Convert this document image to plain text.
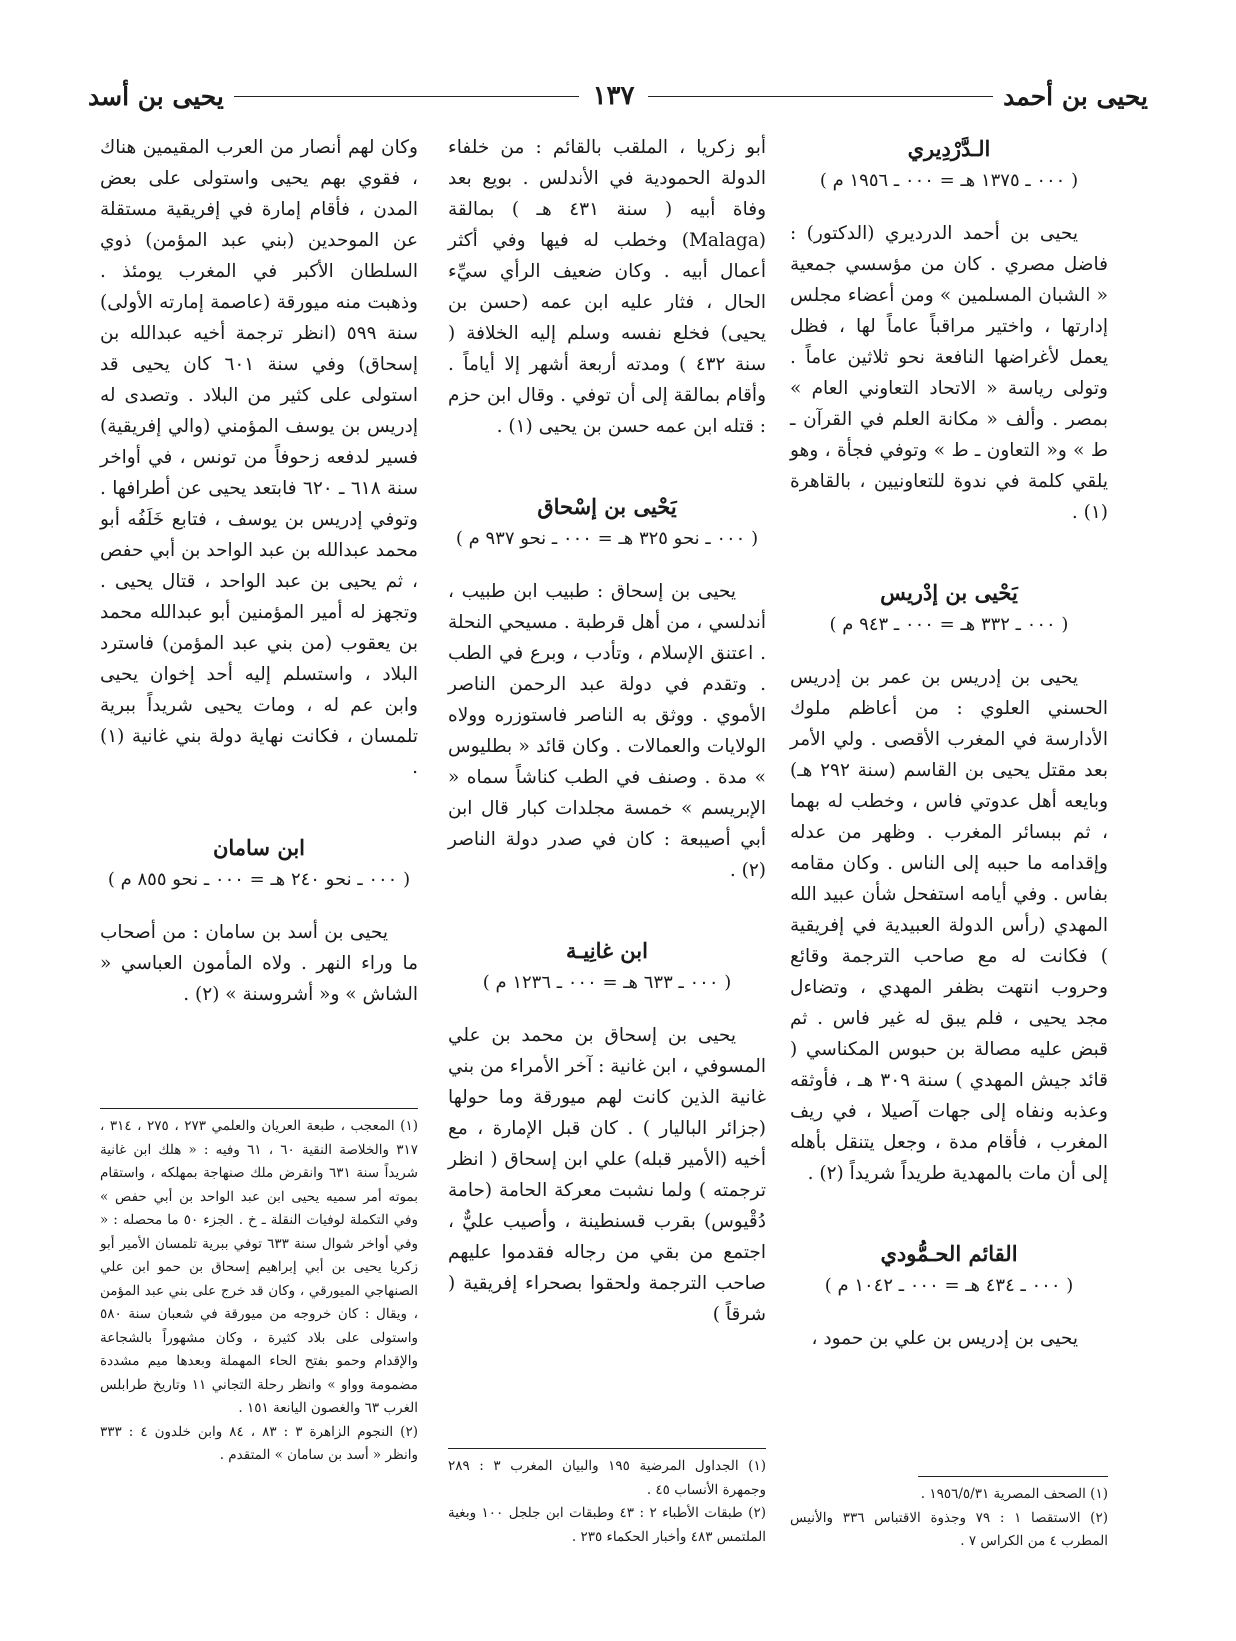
يحيى بن أحمد
١٣٧
يحيى بن أسد

الـدَّرْدِيري

( ٠٠٠ ـ ١٣٧٥ هـ = ٠٠٠ ـ ١٩٥٦ م )

يحيى بن أحمد الدرديري (الدكتور) : فاضل مصري . كان من مؤسسي جمعية « الشبان المسلمين » ومن أعضاء مجلس إدارتها ، واختير مراقباً عاماً لها ، فظل يعمل لأغراضها النافعة نحو ثلاثين عاماً . وتولى رياسة « الاتحاد التعاوني العام » بمصر . وألف « مكانة العلم في القرآن ـ ط » و« التعاون ـ ط » وتوفي فجأة ، وهو يلقي كلمة في ندوة للتعاونيين ، بالقاهرة (١) .

يَحْيى بن إدْريس

( ٠٠٠ ـ ٣٣٢ هـ = ٠٠٠ ـ ٩٤٣ م )

يحيى بن إدريس بن عمر بن إدريس الحسني العلوي : من أعاظم ملوك الأدارسة في المغرب الأقصى . ولي الأمر بعد مقتل يحيى بن القاسم (سنة ٢٩٢ هـ) وبايعه أهل عدوتي فاس ، وخطب له بهما ، ثم ببسائر المغرب . وظهر من عدله وإقدامه ما حببه إلى الناس . وكان مقامه بفاس . وفي أيامه استفحل شأن عبيد الله المهدي (رأس الدولة العبيدية في إفريقية ) فكانت له مع صاحب الترجمة وقائع وحروب انتهت بظفر المهدي ، وتضاءل مجد يحيى ، فلم يبق له غير فاس . ثم قبض عليه مصالة بن حبوس المكناسي ( قائد جيش المهدي ) سنة ٣٠٩ هـ ، فأوثقه وعذبه ونفاه إلى جهات آصيلا ، في ريف المغرب ، فأقام مدة ، وجعل يتنقل بأهله إلى أن مات بالمهدية طريداً شريداً (٢) .

القائم الحـمُّودي

( ٠٠٠ ـ ٤٣٤ هـ = ٠٠٠ ـ ١٠٤٢ م )

يحيى بن إدريس بن علي بن حمود ،

(١) الصحف المصرية ١٩٥٦/٥/٣١ .

(٢) الاستقصا ١ : ٧٩ وجذوة الاقتباس ٣٣٦ والأنيس المطرب ٤ من الكراس ٧ .

أبو زكريا ، الملقب بالقائم : من خلفاء الدولة الحمودية في الأندلس . بويع بعد وفاة أبيه ( سنة ٤٣١ هـ ) بمالقة (Malaga) وخطب له فيها وفي أكثر أعمال أبيه . وكان ضعيف الرأي سيِّء الحال ، فثار عليه ابن عمه (حسن بن يحيى) فخلع نفسه وسلم إليه الخلافة ( سنة ٤٣٢ ) ومدته أربعة أشهر إلا أياماً . وأقام بمالقة إلى أن توفي . وقال ابن حزم : قتله ابن عمه حسن بن يحيى (١) .

يَحْيى بن إسْحاق

( ٠٠٠ ـ نحو ٣٢٥ هـ = ٠٠٠ ـ نحو ٩٣٧ م )

يحيى بن إسحاق : طبيب ابن طبيب ، أندلسي ، من أهل قرطبة . مسيحي النحلة . اعتنق الإسلام ، وتأدب ، وبرع في الطب . وتقدم في دولة عبد الرحمن الناصر الأموي . ووثق به الناصر فاستوزره وولاه الولايات والعمالات . وكان قائد « بطليوس » مدة . وصنف في الطب كناشاً سماه « الإبريسم » خمسة مجلدات كبار قال ابن أبي أصيبعة : كان في صدر دولة الناصر (٢) .

ابن غانِيـة

( ٠٠٠ ـ ٦٣٣ هـ = ٠٠٠ ـ ١٢٣٦ م )

يحيى بن إسحاق بن محمد بن علي المسوفي ، ابن غانية : آخر الأمراء من بني غانية الذين كانت لهم ميورقة وما حولها (جزائر الباليار ) . كان قبل الإمارة ، مع أخيه (الأمير قبله) علي ابن إسحاق ( انظر ترجمته ) ولما نشبت معركة الحامة (حامة دُقْيوس) بقرب قسنطينة ، وأصيب عليٌّ ، اجتمع من بقي من رجاله فقدموا عليهم صاحب الترجمة ولحقوا بصحراء إفريقية ( شرقاً )

(١) الجداول المرضية ١٩٥ والبيان المغرب ٣ : ٢٨٩ وجمهرة الأنساب ٤٥ .

(٢) طبقات الأطباء ٢ : ٤٣ وطبقات ابن جلجل ١٠٠ وبغية الملتمس ٤٨٣ وأخبار الحكماء ٢٣٥ .

وكان لهم أنصار من العرب المقيمين هناك ، فقوي بهم يحيى واستولى على بعض المدن ، فأقام إمارة في إفريقية مستقلة عن الموحدين (بني عبد المؤمن) ذوي السلطان الأكبر في المغرب يومئذ . وذهبت منه ميورقة (عاصمة إمارته الأولى) سنة ٥٩٩ (انظر ترجمة أخيه عبدالله بن إسحاق) وفي سنة ٦٠١ كان يحيى قد استولى على كثير من البلاد . وتصدى له إدريس بن يوسف المؤمني (والي إفريقية) فسير لدفعه زحوفاً من تونس ، في أواخر سنة ٦١٨ ـ ٦٢٠ فابتعد يحيى عن أطرافها . وتوفي إدريس بن يوسف ، فتابع خَلَفُه أبو محمد عبدالله بن عبد الواحد بن أبي حفص ، ثم يحيى بن عبد الواحد ، قتال يحيى . وتجهز له أمير المؤمنين أبو عبدالله محمد بن يعقوب (من بني عبد المؤمن) فاسترد البلاد ، واستسلم إليه أحد إخوان يحيى وابن عم له ، ومات يحيى شريداً ببرية تلمسان ، فكانت نهاية دولة بني غانية (١) .

ابن سامان

( ٠٠٠ ـ نحو ٢٤٠ هـ = ٠٠٠ ـ نحو ٨٥٥ م )

يحيى بن أسد بن سامان : من أصحاب ما وراء النهر . ولاه المأمون العباسي « الشاش » و« أشروسنة » (٢) .

(١) المعجب ، طبعة العريان والعلمي ٢٧٣ ، ٢٧٥ ، ٣١٤ ، ٣١٧ والخلاصة النقية ٦٠ ، ٦١ وفيه : « هلك ابن غانية شريداً سنة ٦٣١ وانقرض ملك صنهاجة بمهلكه ، واستقام بموته أمر سميه يحيى ابن عبد الواحد بن أبي حفص » وفي التكملة لوفيات النقلة ـ خ . الجزء ٥٠ ما محصله : « وفي أواخر شوال سنة ٦٣٣ توفي ببرية تلمسان الأمير أبو زكريا يحيى بن أبي إبراهيم إسحاق بن حمو ابن علي الصنهاجي الميورقي ، وكان قد خرج على بني عبد المؤمن ، ويقال : كان خروجه من ميورقة في شعبان سنة ٥٨٠ واستولى على بلاد كثيرة ، وكان مشهوراً بالشجاعة والإقدام وحمو بفتح الحاء المهملة وبعدها ميم مشددة مضمومة وواو » وانظر رحلة التجاني ١١ وتاريخ طرابلس الغرب ٦٣ والغصون اليانعة ١٥١ .

(٢) النجوم الزاهرة ٣ : ٨٣ ، ٨٤ وابن خلدون ٤ : ٣٣٣ وانظر « أسد بن سامان » المتقدم .
